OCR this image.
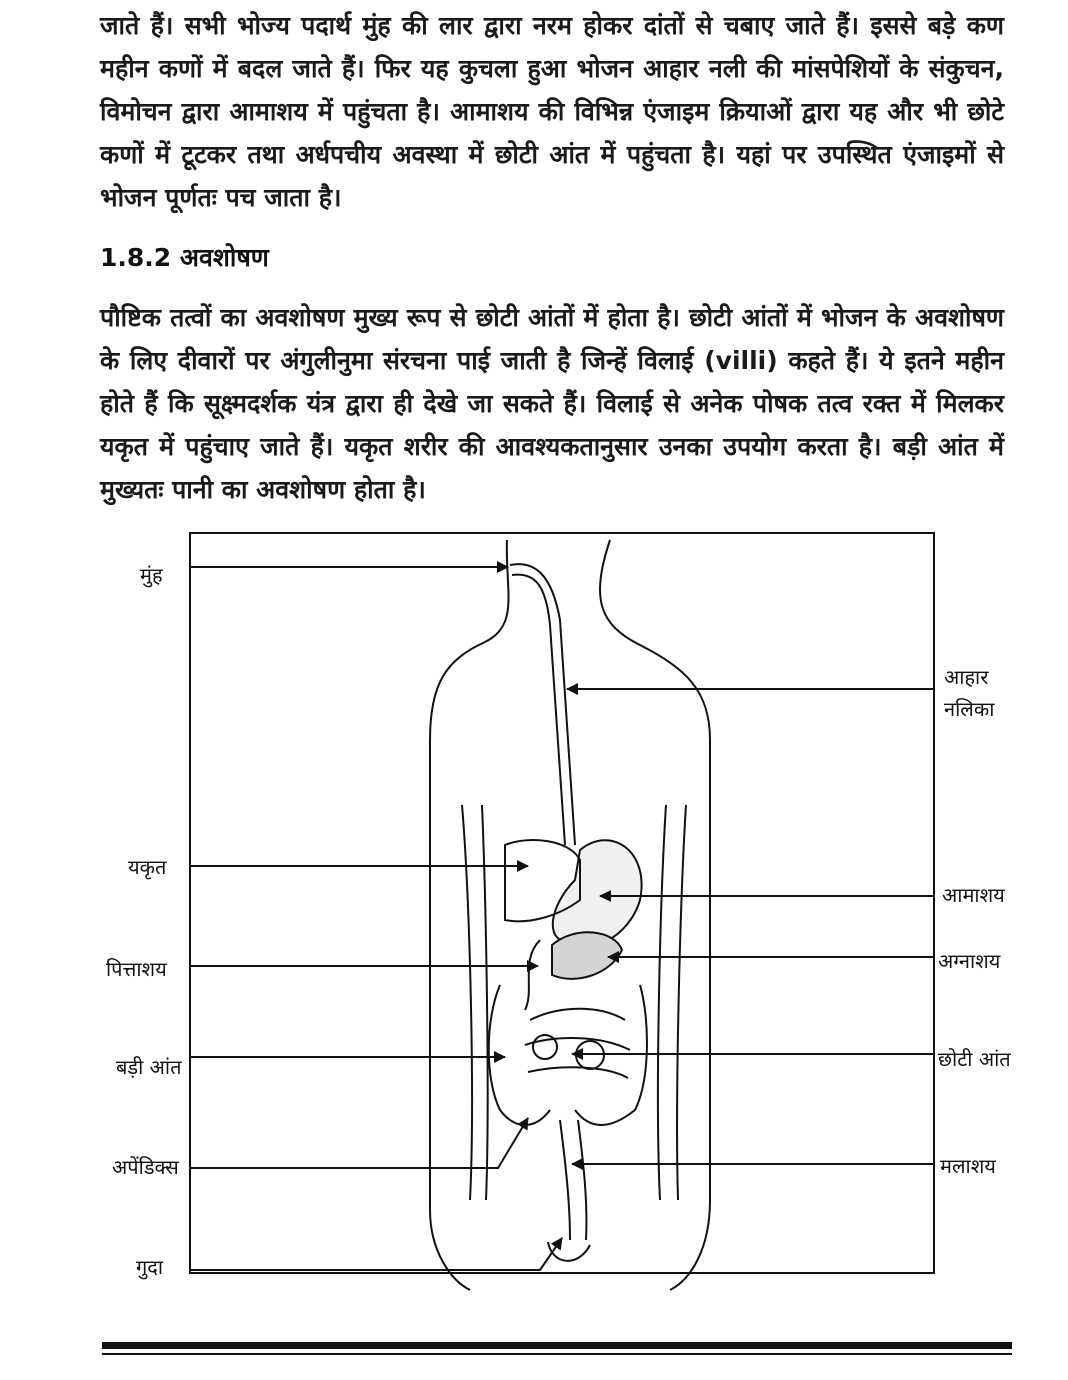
जाते हैं। सभी भोज्य पदार्थ मुंह की लार द्वारा नरम होकर दांतों से चबाए जाते हैं। इससे बड़े कण महीन कणों में बदल जाते हैं। फिर यह कुचला हुआ भोजन आहार नली की मांसपेशियों के संकुचन, विमोचन द्वारा आमाशय में पहुंचता है। आमाशय की विभिन्न एंजाइम क्रियाओं द्वारा यह और भी छोटे कणों में टूटकर तथा अर्धपचीय अवस्था में छोटी आंत में पहुंचता है। यहां पर उपस्थित एंजाइमों से भोजन पूर्णतः पच जाता है।
1.8.2 अवशोषण
पौष्टिक तत्वों का अवशोषण मुख्य रूप से छोटी आंतों में होता है। छोटी आंतों में भोजन के अवशोषण के लिए दीवारों पर अंगुलीनुमा संरचना पाई जाती है जिन्हें विलाई (villi) कहते हैं। ये इतने महीन होते हैं कि सूक्ष्मदर्शक यंत्र द्वारा ही देखे जा सकते हैं। विलाई से अनेक पोषक तत्व रक्त में मिलकर यकृत में पहुंचाए जाते हैं। यकृत शरीर की आवश्यकतानुसार उनका उपयोग करता है। बड़ी आंत में मुख्यतः पानी का अवशोषण होता है।
मुंह
यकृत
पित्ताशय
बड़ी आंत
अपेंडिक्स
गुदा
आहार
नलिका
आमाशय
अग्नाशय
छोटी आंत
मलाशय
